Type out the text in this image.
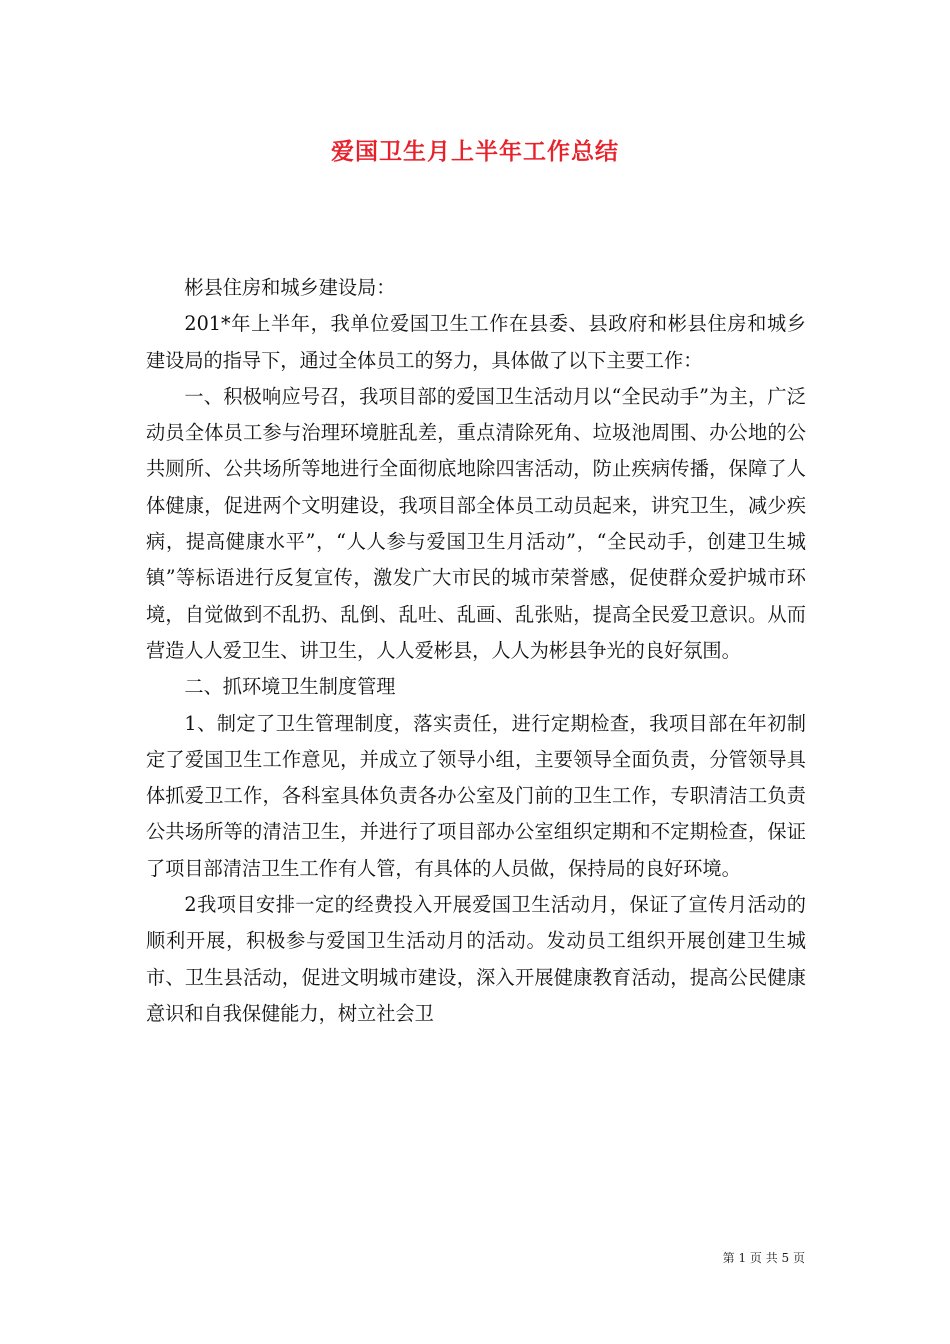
爱国卫生月上半年工作总结

彬县住房和城乡建设局：

201*年上半年，我单位爱国卫生工作在县委、县政府和彬县住房和城乡建设局的指导下，通过全体员工的努力，具体做了以下主要工作：

一、积极响应号召，我项目部的爱国卫生活动月以“全民动手”为主，广泛动员全体员工参与治理环境脏乱差，重点清除死角、垃圾池周围、办公地的公共厕所、公共场所等地进行全面彻底地除四害活动，防止疾病传播，保障了人体健康，促进两个文明建设，我项目部全体员工动员起来，讲究卫生，减少疾病，提高健康水平”，“人人参与爱国卫生月活动”，“全民动手，创建卫生城镇”等标语进行反复宣传，激发广大市民的城市荣誉感，促使群众爱护城市环境，自觉做到不乱扔、乱倒、乱吐、乱画、乱张贴，提高全民爱卫意识。从而营造人人爱卫生、讲卫生，人人爱彬县，人人为彬县争光的良好氛围。

二、抓环境卫生制度管理

1、制定了卫生管理制度，落实责任，进行定期检查，我项目部在年初制定了爱国卫生工作意见，并成立了领导小组，主要领导全面负责，分管领导具体抓爱卫工作，各科室具体负责各办公室及门前的卫生工作，专职清洁工负责公共场所等的清洁卫生，并进行了项目部办公室组织定期和不定期检查，保证了项目部清洁卫生工作有人管，有具体的人员做，保持局的良好环境。

2我项目安排一定的经费投入开展爱国卫生活动月，保证了宣传月活动的顺利开展，积极参与爱国卫生活动月的活动。发动员工组织开展创建卫生城市、卫生县活动，促进文明城市建设，深入开展健康教育活动，提高公民健康意识和自我保健能力，树立社会卫

第 1 页 共 5 页
